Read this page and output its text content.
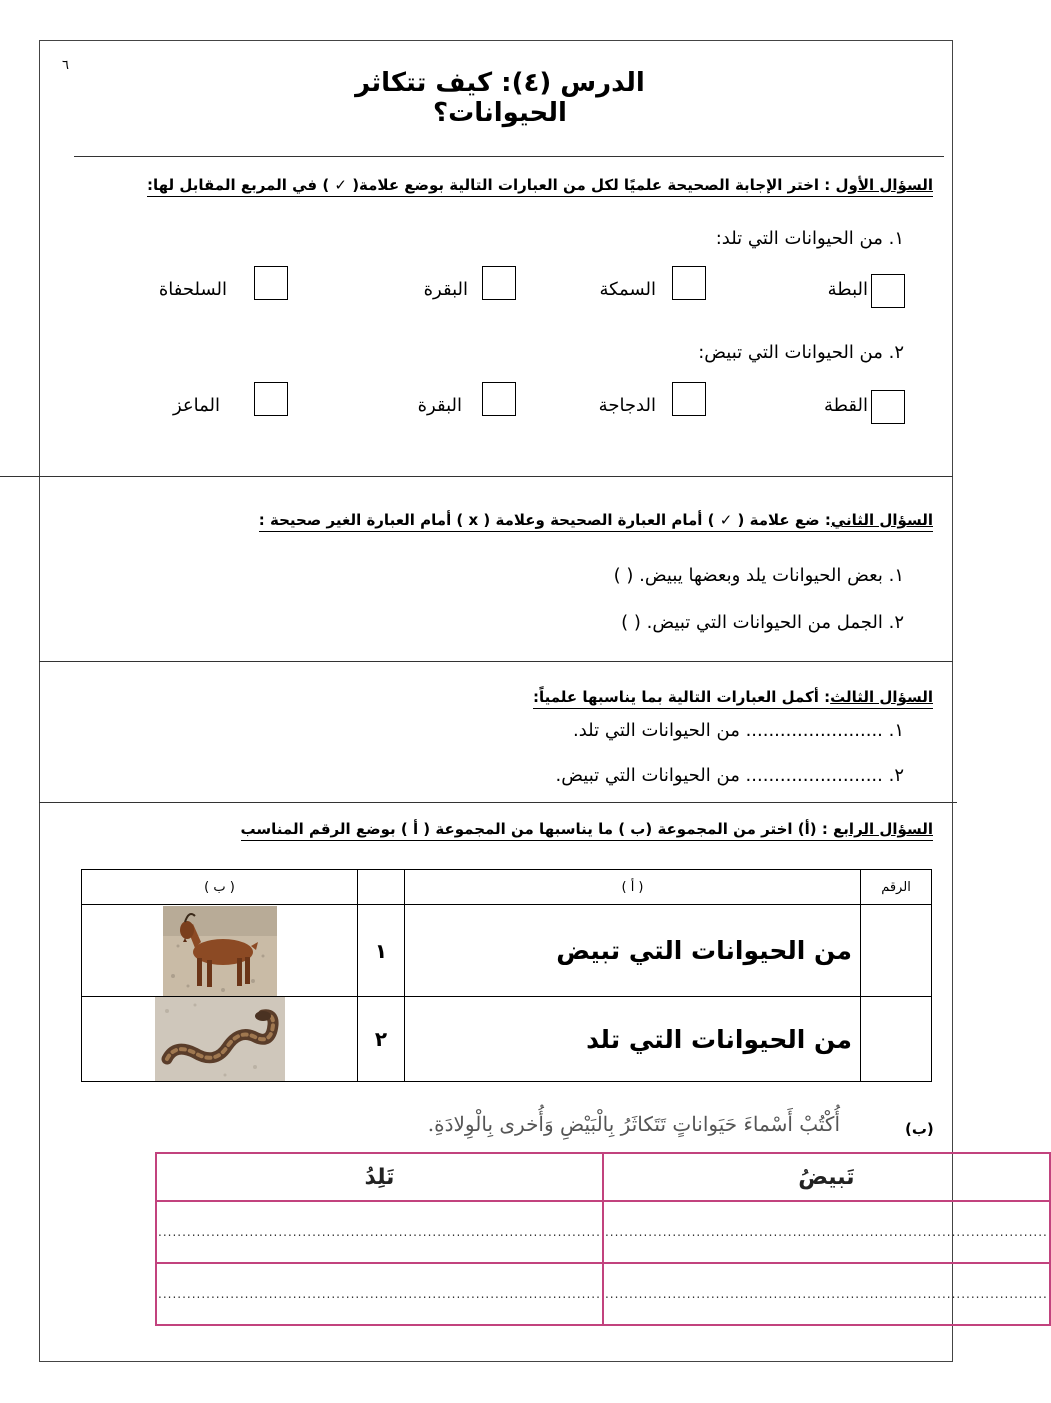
٦
الدرس (٤): كيف تتكاثر الحيوانات؟
السؤال الأول : اختر الإجابة الصحيحة علميًا لكل من العبارات التالية بوضع علامة( ✓ ) في المربع المقابل لها:
١. من الحيوانات التي تلد:
البطة
السمكة
البقرة
السلحفاة
٢. من الحيوانات التي تبيض:
القطة
الدجاجة
البقرة
الماعز
السؤال الثاني: ضع علامة ( ✓ ) أمام العبارة الصحيحة وعلامة ( x ) أمام العبارة الغير صحيحة :
١. بعض الحيوانات يلد وبعضها يبيض. ( )
٢. الجمل من الحيوانات التي تبيض. ( )
السؤال الثالث: أكمل العبارات التالية بما يناسبها علمياً:
١. ........................ من الحيوانات التي تلد.
٢. ........................ من الحيوانات التي تبيض.
السؤال الرابع : (أ) اختر من المجموعة (ب ) ما يناسبها من المجموعة ( أ ) بوضع الرقم المناسب
الرقم	( أ )		( ب )
	من الحيوانات التي تبيض	١	

	من الحيوانات التي تلد	٢	
(ب)
أُكْتُبْ أَسْماءَ حَيَواناتٍ تَتَكاثَرُ بِالْبَيْضِ وَأُخرى بِالْوِلادَةِ.
تَبيضُ	تَلِدُ
............................................................................................	............................................................................................
............................................................................................	............................................................................................
